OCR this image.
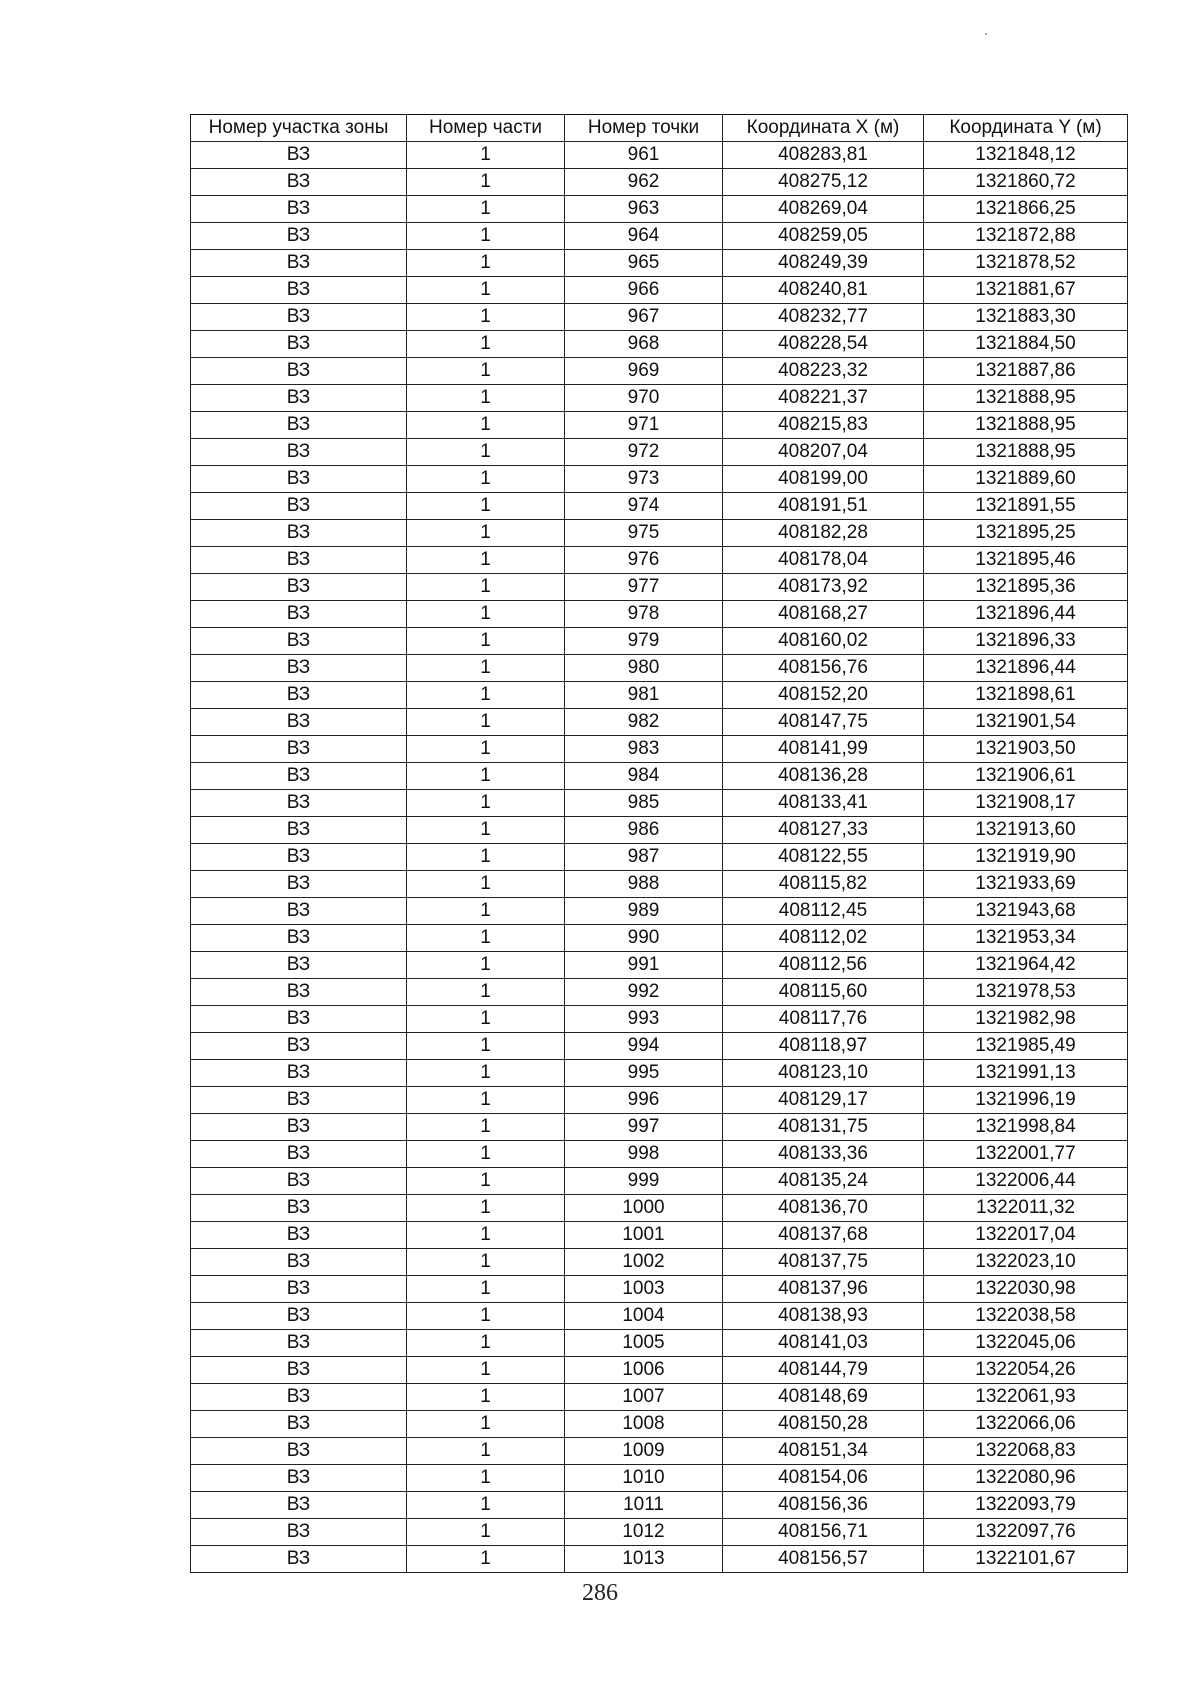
Номер участка зоны	Номер части	Номер точки	Координата X (м)	Координата Y (м)
ВЗ	1	961	408283,81	1321848,12
ВЗ	1	962	408275,12	1321860,72
ВЗ	1	963	408269,04	1321866,25
ВЗ	1	964	408259,05	1321872,88
ВЗ	1	965	408249,39	1321878,52
ВЗ	1	966	408240,81	1321881,67
ВЗ	1	967	408232,77	1321883,30
ВЗ	1	968	408228,54	1321884,50
ВЗ	1	969	408223,32	1321887,86
ВЗ	1	970	408221,37	1321888,95
ВЗ	1	971	408215,83	1321888,95
ВЗ	1	972	408207,04	1321888,95
ВЗ	1	973	408199,00	1321889,60
ВЗ	1	974	408191,51	1321891,55
ВЗ	1	975	408182,28	1321895,25
ВЗ	1	976	408178,04	1321895,46
ВЗ	1	977	408173,92	1321895,36
ВЗ	1	978	408168,27	1321896,44
ВЗ	1	979	408160,02	1321896,33
ВЗ	1	980	408156,76	1321896,44
ВЗ	1	981	408152,20	1321898,61
ВЗ	1	982	408147,75	1321901,54
ВЗ	1	983	408141,99	1321903,50
ВЗ	1	984	408136,28	1321906,61
ВЗ	1	985	408133,41	1321908,17
ВЗ	1	986	408127,33	1321913,60
ВЗ	1	987	408122,55	1321919,90
ВЗ	1	988	408115,82	1321933,69
ВЗ	1	989	408112,45	1321943,68
ВЗ	1	990	408112,02	1321953,34
ВЗ	1	991	408112,56	1321964,42
ВЗ	1	992	408115,60	1321978,53
ВЗ	1	993	408117,76	1321982,98
ВЗ	1	994	408118,97	1321985,49
ВЗ	1	995	408123,10	1321991,13
ВЗ	1	996	408129,17	1321996,19
ВЗ	1	997	408131,75	1321998,84
ВЗ	1	998	408133,36	1322001,77
ВЗ	1	999	408135,24	1322006,44
ВЗ	1	1000	408136,70	1322011,32
ВЗ	1	1001	408137,68	1322017,04
ВЗ	1	1002	408137,75	1322023,10
ВЗ	1	1003	408137,96	1322030,98
ВЗ	1	1004	408138,93	1322038,58
ВЗ	1	1005	408141,03	1322045,06
ВЗ	1	1006	408144,79	1322054,26
ВЗ	1	1007	408148,69	1322061,93
ВЗ	1	1008	408150,28	1322066,06
ВЗ	1	1009	408151,34	1322068,83
ВЗ	1	1010	408154,06	1322080,96
ВЗ	1	1011	408156,36	1322093,79
ВЗ	1	1012	408156,71	1322097,76
ВЗ	1	1013	408156,57	1322101,67
286
